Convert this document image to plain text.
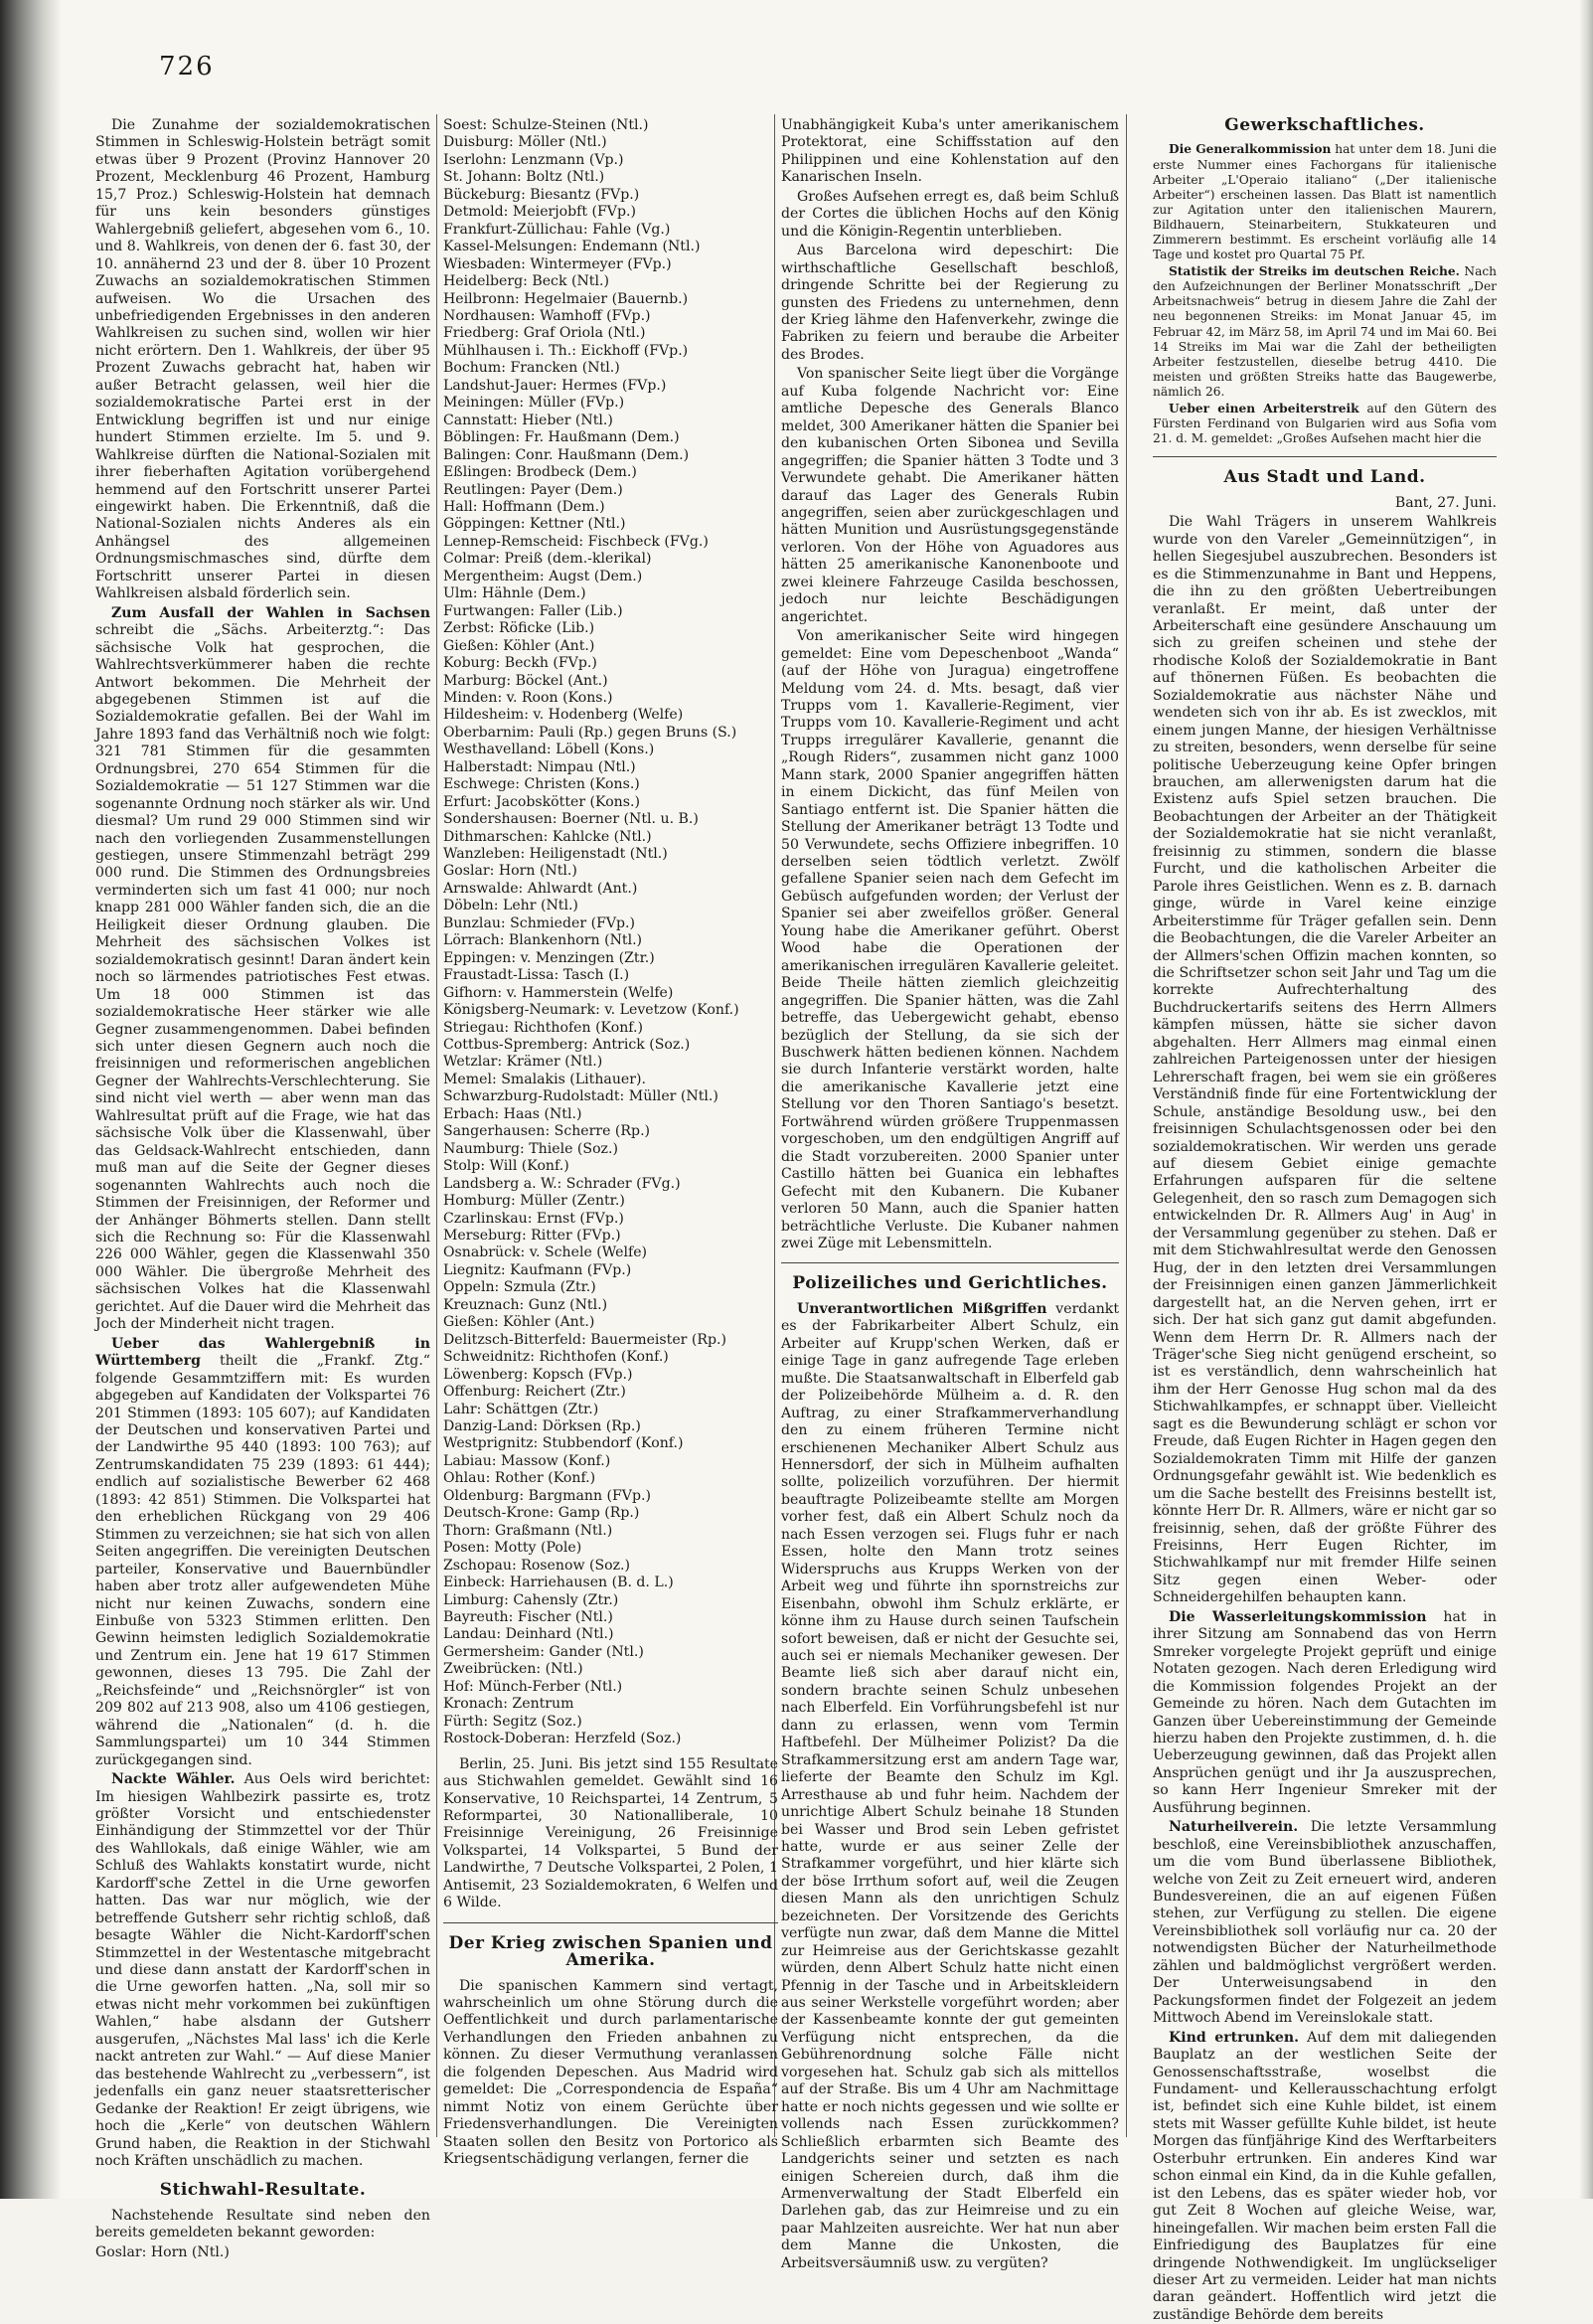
726

Die Zunahme der sozialdemokratischen Stimmen in Schleswig-Holstein beträgt somit etwas über 9 Prozent (Provinz Hannover 20 Prozent, Mecklenburg 46 Prozent, Hamburg 15,7 Proz.) Schleswig-Holstein hat demnach für uns kein besonders günstiges Wahlergebniß geliefert, abgesehen vom 6., 10. und 8. Wahlkreis, von denen der 6. fast 30, der 10. annähernd 23 und der 8. über 10 Prozent Zuwachs an sozialdemokratischen Stimmen aufweisen. Wo die Ursachen des unbefriedigenden Ergebnisses in den anderen Wahlkreisen zu suchen sind, wollen wir hier nicht erörtern. Den 1. Wahlkreis, der über 95 Prozent Zuwachs gebracht hat, haben wir außer Betracht gelassen, weil hier die sozialdemokratische Partei erst in der Entwicklung begriffen ist und nur einige hundert Stimmen erzielte. Im 5. und 9. Wahlkreise dürften die National-Sozialen mit ihrer fieberhaften Agitation vorübergehend hemmend auf den Fortschritt unserer Partei eingewirkt haben. Die Erkenntniß, daß die National-Sozialen nichts Anderes als ein Anhängsel des allgemeinen Ordnungsmischmasches sind, dürfte dem Fortschritt unserer Partei in diesen Wahlkreisen alsbald förderlich sein.

Zum Ausfall der Wahlen in Sachsen schreibt die „Sächs. Arbeiterztg.“: Das sächsische Volk hat gesprochen, die Wahlrechtsverkümmerer haben die rechte Antwort bekommen. Die Mehrheit der abgegebenen Stimmen ist auf die Sozialdemokratie gefallen. Bei der Wahl im Jahre 1893 fand das Verhältniß noch wie folgt: 321 781 Stimmen für die gesammten Ordnungsbrei, 270 654 Stimmen für die Sozialdemokratie — 51 127 Stimmen war die sogenannte Ordnung noch stärker als wir. Und diesmal? Um rund 29 000 Stimmen sind wir nach den vorliegenden Zusammenstellungen gestiegen, unsere Stimmenzahl beträgt 299 000 rund. Die Stimmen des Ordnungsbreies verminderten sich um fast 41 000; nur noch knapp 281 000 Wähler fanden sich, die an die Heiligkeit dieser Ordnung glauben. Die Mehrheit des sächsischen Volkes ist sozialdemokratisch gesinnt! Daran ändert kein noch so lärmendes patriotisches Fest etwas. Um 18 000 Stimmen ist das sozialdemokratische Heer stärker wie alle Gegner zusammengenommen. Dabei befinden sich unter diesen Gegnern auch noch die freisinnigen und reformerischen angeblichen Gegner der Wahlrechts-Verschlechterung. Sie sind nicht viel werth — aber wenn man das Wahlresultat prüft auf die Frage, wie hat das sächsische Volk über die Klassenwahl, über das Geldsack-Wahlrecht entschieden, dann muß man auf die Seite der Gegner dieses sogenannten Wahlrechts auch noch die Stimmen der Freisinnigen, der Reformer und der Anhänger Böhmerts stellen. Dann stellt sich die Rechnung so: Für die Klassenwahl 226 000 Wähler, gegen die Klassenwahl 350 000 Wähler. Die übergroße Mehrheit des sächsischen Volkes hat die Klassenwahl gerichtet. Auf die Dauer wird die Mehrheit das Joch der Minderheit nicht tragen.

Ueber das Wahlergebniß in Württemberg theilt die „Frankf. Ztg.“ folgende Gesammtziffern mit: Es wurden abgegeben auf Kandidaten der Volkspartei 76 201 Stimmen (1893: 105 607); auf Kandidaten der Deutschen und konservativen Partei und der Landwirthe 95 440 (1893: 100 763); auf Zentrumskandidaten 75 239 (1893: 61 444); endlich auf sozialistische Bewerber 62 468 (1893: 42 851) Stimmen. Die Volkspartei hat den erheblichen Rückgang von 29 406 Stimmen zu verzeichnen; sie hat sich von allen Seiten angegriffen. Die vereinigten Deutschen parteiler, Konservative und Bauernbündler haben aber trotz aller aufgewendeten Mühe nicht nur keinen Zuwachs, sondern eine Einbuße von 5323 Stimmen erlitten. Den Gewinn heimsten lediglich Sozialdemokratie und Zentrum ein. Jene hat 19 617 Stimmen gewonnen, dieses 13 795. Die Zahl der „Reichsfeinde“ und „Reichsnörgler“ ist von 209 802 auf 213 908, also um 4106 gestiegen, während die „Nationalen“ (d. h. die Sammlungspartei) um 10 344 Stimmen zurückgegangen sind.

Nackte Wähler. Aus Oels wird berichtet: Im hiesigen Wahlbezirk passirte es, trotz größter Vorsicht und entschiedenster Einhändigung der Stimmzettel vor der Thür des Wahllokals, daß einige Wähler, wie am Schluß des Wahlakts konstatirt wurde, nicht Kardorff'sche Zettel in die Urne geworfen hatten. Das war nur möglich, wie der betreffende Gutsherr sehr richtig schloß, daß besagte Wähler die Nicht-Kardorff'schen Stimmzettel in der Westentasche mitgebracht und diese dann anstatt der Kardorff'schen in die Urne geworfen hatten. „Na, soll mir so etwas nicht mehr vorkommen bei zukünftigen Wahlen,“ habe alsdann der Gutsherr ausgerufen, „Nächstes Mal lass' ich die Kerle nackt antreten zur Wahl.“ — Auf diese Manier das bestehende Wahlrecht zu „verbessern“, ist jedenfalls ein ganz neuer staatsretterischer Gedanke der Reaktion! Er zeigt übrigens, wie hoch die „Kerle“ von deutschen Wählern Grund haben, die Reaktion in der Stichwahl noch Kräften unschädlich zu machen.

Stichwahl-Resultate.

Nachstehende Resultate sind neben den bereits gemeldeten bekannt geworden:

Goslar: Horn (Ntl.)

Soest: Schulze-Steinen (Ntl.)
Duisburg: Möller (Ntl.)
Iserlohn: Lenzmann (Vp.)
St. Johann: Boltz (Ntl.)
Bückeburg: Biesantz (FVp.)
Detmold: Meierjobft (FVp.)
Frankfurt-Züllichau: Fahle (Vg.)
Kassel-Melsungen: Endemann (Ntl.)
Wiesbaden: Wintermeyer (FVp.)
Heidelberg: Beck (Ntl.)
Heilbronn: Hegelmaier (Bauernb.)
Nordhausen: Wamhoff (FVp.)
Friedberg: Graf Oriola (Ntl.)
Mühlhausen i. Th.: Eickhoff (FVp.)
Bochum: Francken (Ntl.)
Landshut-Jauer: Hermes (FVp.)
Meiningen: Müller (FVp.)
Cannstatt: Hieber (Ntl.)
Böblingen: Fr. Haußmann (Dem.)
Balingen: Conr. Haußmann (Dem.)
Eßlingen: Brodbeck (Dem.)
Reutlingen: Payer (Dem.)
Hall: Hoffmann (Dem.)
Göppingen: Kettner (Ntl.)
Lennep-Remscheid: Fischbeck (FVg.)
Colmar: Preiß (dem.-klerikal)
Mergentheim: Augst (Dem.)
Ulm: Hähnle (Dem.)
Furtwangen: Faller (Lib.)
Zerbst: Röficke (Lib.)
Gießen: Köhler (Ant.)
Koburg: Beckh (FVp.)
Marburg: Böckel (Ant.)
Minden: v. Roon (Kons.)
Hildesheim: v. Hodenberg (Welfe)
Oberbarnim: Pauli (Rp.) gegen Bruns (S.)
Westhavelland: Löbell (Kons.)
Halberstadt: Nimpau (Ntl.)
Eschwege: Christen (Kons.)
Erfurt: Jacobskötter (Kons.)
Sondershausen: Boerner (Ntl. u. B.)
Dithmarschen: Kahlcke (Ntl.)
Wanzleben: Heiligenstadt (Ntl.)
Goslar: Horn (Ntl.)
Arnswalde: Ahlwardt (Ant.)
Döbeln: Lehr (Ntl.)
Bunzlau: Schmieder (FVp.)
Lörrach: Blankenhorn (Ntl.)
Eppingen: v. Menzingen (Ztr.)
Fraustadt-Lissa: Tasch (I.)
Gifhorn: v. Hammerstein (Welfe)
Königsberg-Neumark: v. Levetzow (Konf.)
Striegau: Richthofen (Konf.)
Cottbus-Spremberg: Antrick (Soz.)
Wetzlar: Krämer (Ntl.)
Memel: Smalakis (Lithauer).
Schwarzburg-Rudolstadt: Müller (Ntl.)
Erbach: Haas (Ntl.)
Sangerhausen: Scherre (Rp.)
Naumburg: Thiele (Soz.)
Stolp: Will (Konf.)
Landsberg a. W.: Schrader (FVg.)
Homburg: Müller (Zentr.)
Czarlinskau: Ernst (FVp.)
Merseburg: Ritter (FVp.)
Osnabrück: v. Schele (Welfe)
Liegnitz: Kaufmann (FVp.)
Oppeln: Szmula (Ztr.)
Kreuznach: Gunz (Ntl.)
Gießen: Köhler (Ant.)
Delitzsch-Bitterfeld: Bauermeister (Rp.)
Schweidnitz: Richthofen (Konf.)
Löwenberg: Kopsch (FVp.)
Offenburg: Reichert (Ztr.)
Lahr: Schättgen (Ztr.)
Danzig-Land: Dörksen (Rp.)
Westprignitz: Stubbendorf (Konf.)
Labiau: Massow (Konf.)
Ohlau: Rother (Konf.)
Oldenburg: Bargmann (FVp.)
Deutsch-Krone: Gamp (Rp.)
Thorn: Graßmann (Ntl.)
Posen: Motty (Pole)
Zschopau: Rosenow (Soz.)
Einbeck: Harriehausen (B. d. L.)
Limburg: Cahensly (Ztr.)
Bayreuth: Fischer (Ntl.)
Landau: Deinhard (Ntl.)
Germersheim: Gander (Ntl.)
Zweibrücken: (Ntl.)
Hof: Münch-Ferber (Ntl.)
Kronach: Zentrum
Fürth: Segitz (Soz.)
Rostock-Doberan: Herzfeld (Soz.)

Berlin, 25. Juni. Bis jetzt sind 155 Resultate aus Stichwahlen gemeldet. Gewählt sind 16 Konservative, 10 Reichspartei, 14 Zentrum, 5 Reformpartei, 30 Nationalliberale, 10 Freisinnige Vereinigung, 26 Freisinnige Volkspartei, 14 Volkspartei, 5 Bund der Landwirthe, 7 Deutsche Volkspartei, 2 Polen, 1 Antisemit, 23 Sozialdemokraten, 6 Welfen und 6 Wilde.

Der Krieg zwischen Spanien und Amerika.

Die spanischen Kammern sind vertagt, wahrscheinlich um ohne Störung durch die Oeffentlichkeit und durch parlamentarische Verhandlungen den Frieden anbahnen zu können. Zu dieser Vermuthung veranlassen die folgenden Depeschen. Aus Madrid wird gemeldet: Die „Correspondencia de España“ nimmt Notiz von einem Gerüchte über Friedensverhandlungen. Die Vereinigten Staaten sollen den Besitz von Portorico als Kriegsentschädigung verlangen, ferner die

Unabhängigkeit Kuba's unter amerikanischem Protektorat, eine Schiffsstation auf den Philippinen und eine Kohlenstation auf den Kanarischen Inseln.

Großes Aufsehen erregt es, daß beim Schluß der Cortes die üblichen Hochs auf den König und die Königin-Regentin unterblieben.

Aus Barcelona wird depeschirt: Die wirthschaftliche Gesellschaft beschloß, dringende Schritte bei der Regierung zu gunsten des Friedens zu unternehmen, denn der Krieg lähme den Hafenverkehr, zwinge die Fabriken zu feiern und beraube die Arbeiter des Brodes.

Von spanischer Seite liegt über die Vorgänge auf Kuba folgende Nachricht vor: Eine amtliche Depesche des Generals Blanco meldet, 300 Amerikaner hätten die Spanier bei den kubanischen Orten Sibonea und Sevilla angegriffen; die Spanier hätten 3 Todte und 3 Verwundete gehabt. Die Amerikaner hätten darauf das Lager des Generals Rubin angegriffen, seien aber zurückgeschlagen und hätten Munition und Ausrüstungsgegenstände verloren. Von der Höhe von Aguadores aus hätten 25 amerikanische Kanonenboote und zwei kleinere Fahrzeuge Casilda beschossen, jedoch nur leichte Beschädigungen angerichtet.

Von amerikanischer Seite wird hingegen gemeldet: Eine vom Depeschenboot „Wanda“ (auf der Höhe von Juragua) eingetroffene Meldung vom 24. d. Mts. besagt, daß vier Trupps vom 1. Kavallerie-Regiment, vier Trupps vom 10. Kavallerie-Regiment und acht Trupps irregulärer Kavallerie, genannt die „Rough Riders“, zusammen nicht ganz 1000 Mann stark, 2000 Spanier angegriffen hätten in einem Dickicht, das fünf Meilen von Santiago entfernt ist. Die Spanier hätten die Stellung der Amerikaner beträgt 13 Todte und 50 Verwundete, sechs Offiziere inbegriffen. 10 derselben seien tödtlich verletzt. Zwölf gefallene Spanier seien nach dem Gefecht im Gebüsch aufgefunden worden; der Verlust der Spanier sei aber zweifellos größer. General Young habe die Amerikaner geführt. Oberst Wood habe die Operationen der amerikanischen irregulären Kavallerie geleitet. Beide Theile hätten ziemlich gleichzeitig angegriffen. Die Spanier hätten, was die Zahl betreffe, das Uebergewicht gehabt, ebenso bezüglich der Stellung, da sie sich der Buschwerk hätten bedienen können. Nachdem sie durch Infanterie verstärkt worden, halte die amerikanische Kavallerie jetzt eine Stellung vor den Thoren Santiago's besetzt. Fortwährend würden größere Truppenmassen vorgeschoben, um den endgültigen Angriff auf die Stadt vorzubereiten. 2000 Spanier unter Castillo hätten bei Guanica ein lebhaftes Gefecht mit den Kubanern. Die Kubaner verloren 50 Mann, auch die Spanier hatten beträchtliche Verluste. Die Kubaner nahmen zwei Züge mit Lebensmitteln.

Polizeiliches und Gerichtliches.

Unverantwortlichen Mißgriffen verdankt es der Fabrikarbeiter Albert Schulz, ein Arbeiter auf Krupp'schen Werken, daß er einige Tage in ganz aufregende Tage erleben mußte. Die Staatsanwaltschaft in Elberfeld gab der Polizeibehörde Mülheim a. d. R. den Auftrag, zu einer Strafkammerverhandlung den zu einem früheren Termine nicht erschienenen Mechaniker Albert Schulz aus Hennersdorf, der sich in Mülheim aufhalten sollte, polizeilich vorzuführen. Der hiermit beauftragte Polizeibeamte stellte am Morgen vorher fest, daß ein Albert Schulz noch da nach Essen verzogen sei. Flugs fuhr er nach Essen, holte den Mann trotz seines Widerspruchs aus Krupps Werken von der Arbeit weg und führte ihn spornstreichs zur Eisenbahn, obwohl ihm Schulz erklärte, er könne ihm zu Hause durch seinen Taufschein sofort beweisen, daß er nicht der Gesuchte sei, auch sei er niemals Mechaniker gewesen. Der Beamte ließ sich aber darauf nicht ein, sondern brachte seinen Schulz unbesehen nach Elberfeld. Ein Vorführungsbefehl ist nur dann zu erlassen, wenn vom Termin Haftbefehl. Der Mülheimer Polizist? Da die Strafkammersitzung erst am andern Tage war, lieferte der Beamte den Schulz im Kgl. Arresthause ab und fuhr heim. Nachdem der unrichtige Albert Schulz beinahe 18 Stunden bei Wasser und Brod sein Leben gefristet hatte, wurde er aus seiner Zelle der Strafkammer vorgeführt, und hier klärte sich der böse Irrthum sofort auf, weil die Zeugen diesen Mann als den unrichtigen Schulz bezeichneten. Der Vorsitzende des Gerichts verfügte nun zwar, daß dem Manne die Mittel zur Heimreise aus der Gerichtskasse gezahlt würden, denn Albert Schulz hatte nicht einen Pfennig in der Tasche und in Arbeitskleidern aus seiner Werkstelle vorgeführt worden; aber der Kassenbeamte konnte der gut gemeinten Verfügung nicht entsprechen, da die Gebührenordnung solche Fälle nicht vorgesehen hat. Schulz gab sich als mittellos auf der Straße. Bis um 4 Uhr am Nachmittage hatte er noch nichts gegessen und wie sollte er vollends nach Essen zurückkommen? Schließlich erbarmten sich Beamte des Landgerichts seiner und setzten es nach einigen Schereien durch, daß ihm die Armenverwaltung der Stadt Elberfeld ein Darlehen gab, das zur Heimreise und zu ein paar Mahlzeiten ausreichte. Wer hat nun aber dem Manne die Unkosten, die Arbeitsversäumniß usw. zu vergüten?

Gewerkschaftliches.

Die Generalkommission hat unter dem 18. Juni die erste Nummer eines Fachorgans für italienische Arbeiter „L'Operaio italiano“ („Der italienische Arbeiter“) erscheinen lassen. Das Blatt ist namentlich zur Agitation unter den italienischen Maurern, Bildhauern, Steinarbeitern, Stukkateuren und Zimmerern bestimmt. Es erscheint vorläufig alle 14 Tage und kostet pro Quartal 75 Pf.

Statistik der Streiks im deutschen Reiche. Nach den Aufzeichnungen der Berliner Monatsschrift „Der Arbeitsnachweis“ betrug in diesem Jahre die Zahl der neu begonnenen Streiks: im Monat Januar 45, im Februar 42, im März 58, im April 74 und im Mai 60. Bei 14 Streiks im Mai war die Zahl der betheiligten Arbeiter festzustellen, dieselbe betrug 4410. Die meisten und größten Streiks hatte das Baugewerbe, nämlich 26.

Ueber einen Arbeiterstreik auf den Gütern des Fürsten Ferdinand von Bulgarien wird aus Sofia vom 21. d. M. gemeldet: „Großes Aufsehen macht hier die

Aus Stadt und Land.

Bant, 27. Juni.

Die Wahl Trägers in unserem Wahlkreis wurde von den Vareler „Gemeinnützigen“, in hellen Siegesjubel auszubrechen. Besonders ist es die Stimmenzunahme in Bant und Heppens, die ihn zu den größten Uebertreibungen veranlaßt. Er meint, daß unter der Arbeiterschaft eine gesündere Anschauung um sich zu greifen scheinen und stehe der rhodische Koloß der Sozialdemokratie in Bant auf thönernen Füßen. Es beobachten die Sozialdemokratie aus nächster Nähe und wendeten sich von ihr ab. Es ist zwecklos, mit einem jungen Manne, der hiesigen Verhältnisse zu streiten, besonders, wenn derselbe für seine politische Ueberzeugung keine Opfer bringen brauchen, am allerwenigsten darum hat die Existenz aufs Spiel setzen brauchen. Die Beobachtungen der Arbeiter an der Thätigkeit der Sozialdemokratie hat sie nicht veranlaßt, freisinnig zu stimmen, sondern die blasse Furcht, und die katholischen Arbeiter die Parole ihres Geistlichen. Wenn es z. B. darnach ginge, würde in Varel keine einzige Arbeiterstimme für Träger gefallen sein. Denn die Beobachtungen, die die Vareler Arbeiter an der Allmers'schen Offizin machen konnten, so die Schriftsetzer schon seit Jahr und Tag um die korrekte Aufrechterhaltung des Buchdruckertarifs seitens des Herrn Allmers kämpfen müssen, hätte sie sicher davon abgehalten. Herr Allmers mag einmal einen zahlreichen Parteigenossen unter der hiesigen Lehrerschaft fragen, bei wem sie ein größeres Verständniß finde für eine Fortentwicklung der Schule, anständige Besoldung usw., bei den freisinnigen Schulachtsgenossen oder bei den sozialdemokratischen. Wir werden uns gerade auf diesem Gebiet einige gemachte Erfahrungen aufsparen für die seltene Gelegenheit, den so rasch zum Demagogen sich entwickelnden Dr. R. Allmers Aug' in Aug' in der Versammlung gegenüber zu stehen. Daß er mit dem Stichwahlresultat werde den Genossen Hug, der in den letzten drei Versammlungen der Freisinnigen einen ganzen Jämmerlichkeit dargestellt hat, an die Nerven gehen, irrt er sich. Der hat sich ganz gut damit abgefunden. Wenn dem Herrn Dr. R. Allmers nach der Träger'sche Sieg nicht genügend erscheint, so ist es verständlich, denn wahrscheinlich hat ihm der Herr Genosse Hug schon mal da des Stichwahlkampfes, er schnappt über. Vielleicht sagt es die Bewunderung schlägt er schon vor Freude, daß Eugen Richter in Hagen gegen den Sozialdemokraten Timm mit Hilfe der ganzen Ordnungsgefahr gewählt ist. Wie bedenklich es um die Sache bestellt des Freisinns bestellt ist, könnte Herr Dr. R. Allmers, wäre er nicht gar so freisinnig, sehen, daß der größte Führer des Freisinns, Herr Eugen Richter, im Stichwahlkampf nur mit fremder Hilfe seinen Sitz gegen einen Weber- oder Schneidergehilfen behaupten kann.

Die Wasserleitungskommission hat in ihrer Sitzung am Sonnabend das von Herrn Smreker vorgelegte Projekt geprüft und einige Notaten gezogen. Nach deren Erledigung wird die Kommission folgendes Projekt an der Gemeinde zu hören. Nach dem Gutachten im Ganzen über Uebereinstimmung der Gemeinde hierzu haben den Projekte zustimmen, d. h. die Ueberzeugung gewinnen, daß das Projekt allen Ansprüchen genügt und ihr Ja auszusprechen, so kann Herr Ingenieur Smreker mit der Ausführung beginnen.

Naturheilverein. Die letzte Versammlung beschloß, eine Vereinsbibliothek anzuschaffen, um die vom Bund überlassene Bibliothek, welche von Zeit zu Zeit erneuert wird, anderen Bundesvereinen, die an auf eigenen Füßen stehen, zur Verfügung zu stellen. Die eigene Vereinsbibliothek soll vorläufig nur ca. 20 der notwendigsten Bücher der Naturheilmethode zählen und baldmöglichst vergrößert werden. Der Unterweisungsabend in den Packungsformen findet der Folgezeit an jedem Mittwoch Abend im Vereinslokale statt.

Kind ertrunken. Auf dem mit daliegenden Bauplatz an der westlichen Seite der Genossenschaftsstraße, woselbst die Fundament- und Kellerausschachtung erfolgt ist, befindet sich eine Kuhle bildet, ist einem stets mit Wasser gefüllte Kuhle bildet, ist heute Morgen das fünfjährige Kind des Werftarbeiters Osterbuhr ertrunken. Ein anderes Kind war schon einmal ein Kind, da in die Kuhle gefallen, ist den Lebens, das es später wieder hob, vor gut Zeit 8 Wochen auf gleiche Weise, war, hineingefallen. Wir machen beim ersten Fall die Einfriedigung des Bauplatzes für eine dringende Nothwendigkeit. Im unglückseliger dieser Art zu vermeiden. Leider hat man nichts daran geändert. Hoffentlich wird jetzt die zuständige Behörde dem bereits
